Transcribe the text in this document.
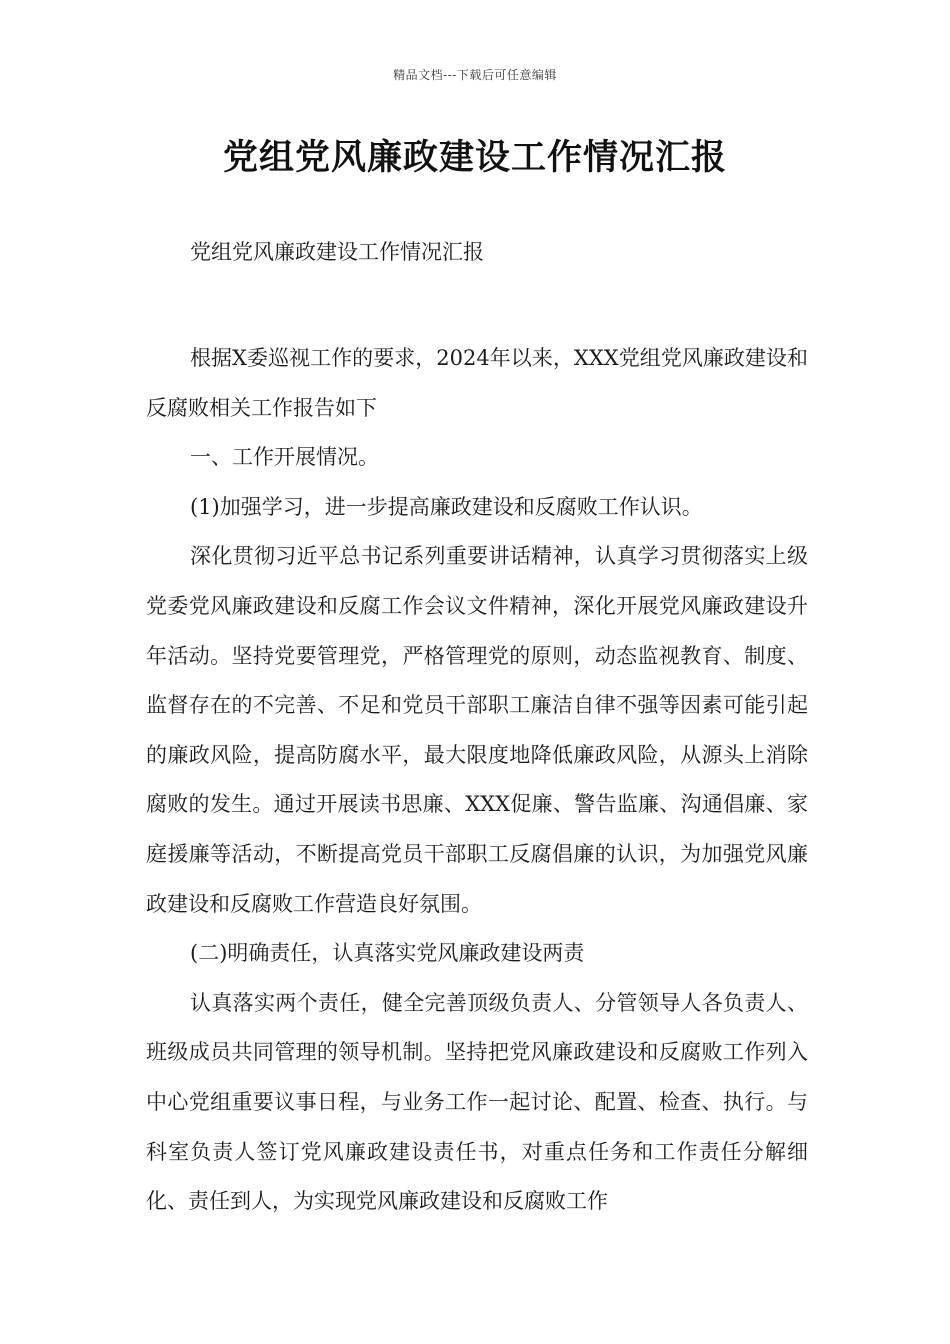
精品文档---下载后可任意编辑
党组党风廉政建设工作情况汇报
党组党风廉政建设工作情况汇报

根据X委巡视工作的要求，2024年以来，XXX党组党风廉政建设和反腐败相关工作报告如下

一、工作开展情况。

(1)加强学习，进一步提高廉政建设和反腐败工作认识。

深化贯彻习近平总书记系列重要讲话精神，认真学习贯彻落实上级党委党风廉政建设和反腐工作会议文件精神，深化开展党风廉政建设升年活动。坚持党要管理党，严格管理党的原则，动态监视教育、制度、监督存在的不完善、不足和党员干部职工廉洁自律不强等因素可能引起的廉政风险，提高防腐水平，最大限度地降低廉政风险，从源头上消除腐败的发生。通过开展读书思廉、XXX促廉、警告监廉、沟通倡廉、家庭援廉等活动，不断提高党员干部职工反腐倡廉的认识，为加强党风廉政建设和反腐败工作营造良好氛围。

(二)明确责任，认真落实党风廉政建设两责

认真落实两个责任，健全完善顶级负责人、分管领导人各负责人、班级成员共同管理的领导机制。坚持把党风廉政建设和反腐败工作列入中心党组重要议事日程，与业务工作一起讨论、配置、检查、执行。与科室负责人签订党风廉政建设责任书，对重点任务和工作责任分解细化、责任到人，为实现党风廉政建设和反腐败工作
